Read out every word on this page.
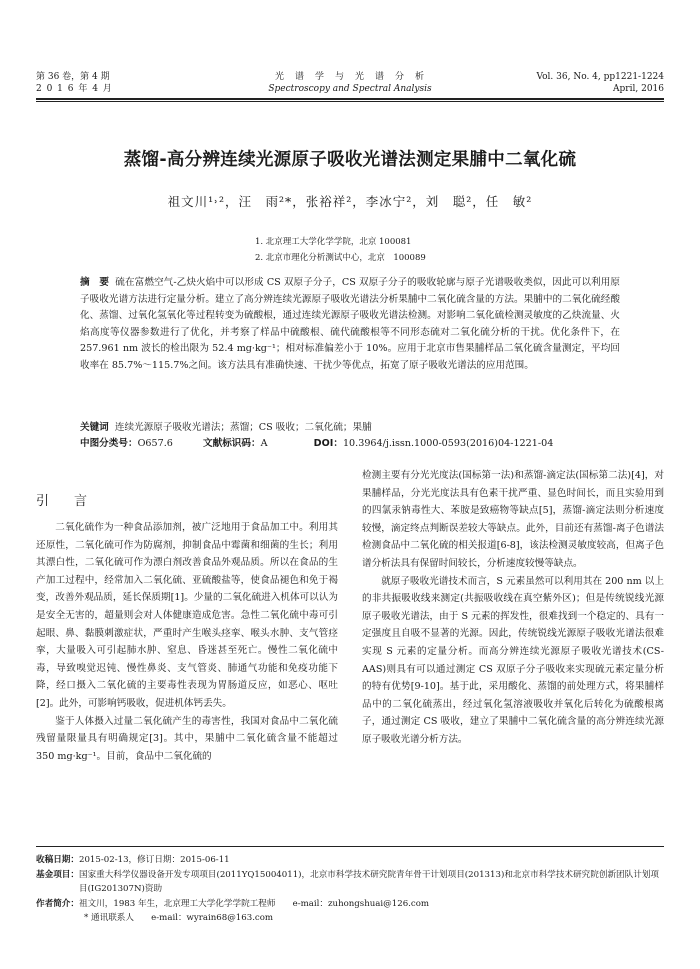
第 36 卷，第 4 期
2 0 1 6 年 4 月
光　谱　学　与　光　谱　分　析
Spectroscopy and Spectral Analysis
Vol. 36, No. 4, pp1221-1224
April, 2016
蒸馏-高分辨连续光源原子吸收光谱法测定果脯中二氧化硫
祖文川¹˒²，汪　雨²*，张裕祥²，李冰宁²，刘　聪²，任　敏²
1. 北京理工大学化学学院，北京 100081
2. 北京市理化分析测试中心，北京　100089
摘　要 硫在富燃空气-乙炔火焰中可以形成 CS 双原子分子，CS 双原子分子的吸收轮廓与原子光谱吸收类似，因此可以利用原子吸收光谱方法进行定量分析。建立了高分辨连续光源原子吸收光谱法分析果脯中二氧化硫含量的方法。果脯中的二氧化硫经酸化、蒸馏、过氧化氢氧化等过程转变为硫酸根，通过连续光源原子吸收光谱法检测。对影响二氧化硫检测灵敏度的乙炔流量、火焰高度等仪器参数进行了优化，并考察了样品中硫酸根、硫代硫酸根等不同形态硫对二氧化硫分析的干扰。优化条件下，在 257.961 nm 波长的检出限为 52.4 mg·kg⁻¹；相对标准偏差小于 10%。应用于北京市售果脯样品二氧化硫含量测定，平均回收率在 85.7%～115.7%之间。该方法具有准确快速、干扰少等优点，拓宽了原子吸收光谱法的应用范围。
关键词 连续光源原子吸收光谱法；蒸馏；CS 吸收；二氧化硫；果脯
中图分类号：O657.6	文献标识码：A	DOI：10.3964/j.issn.1000-0593(2016)04-1221-04
引　言

二氧化硫作为一种食品添加剂，被广泛地用于食品加工中。利用其还原性，二氧化硫可作为防腐剂，抑制食品中霉菌和细菌的生长；利用其漂白性，二氧化硫可作为漂白剂改善食品外观品质。所以在食品的生产加工过程中，经常加入二氧化硫、亚硫酸盐等，使食品褪色和免于褐变，改善外观品质，延长保质期[1]。少量的二氧化硫进入机体可以认为是安全无害的，超量则会对人体健康造成危害。急性二氧化硫中毒可引起眼、鼻、黏膜刺激症状，严重时产生喉头痉挛、喉头水肿、支气管痉挛，大量吸入可引起肺水肿、窒息、昏迷甚至死亡。慢性二氧化硫中毒，导致嗅觉迟钝、慢性鼻炎、支气管炎、肺通气功能和免疫功能下降，经口摄入二氧化硫的主要毒性表现为胃肠道反应，如恶心、呕吐[2]。此外，可影响钙吸收，促进机体钙丢失。

鉴于人体摄入过量二氧化硫产生的毒害性，我国对食品中二氧化硫残留量限量具有明确规定[3]。其中，果脯中二氧化硫含量不能超过 350 mg·kg⁻¹。目前，食品中二氧化硫的

检测主要有分光光度法(国标第一法)和蒸馏-滴定法(国标第二法)[4]，对果脯样品，分光光度法具有色素干扰严重、显色时间长，而且实验用到的四氯汞钠毒性大、苯胺是致癌物等缺点[5]，蒸馏-滴定法则分析速度较慢，滴定终点判断误差较大等缺点。此外，目前还有蒸馏-离子色谱法检测食品中二氧化硫的相关报道[6-8]，该法检测灵敏度较高，但离子色谱分析法具有保留时间较长，分析速度较慢等缺点。

就原子吸收光谱技术而言，S 元素虽然可以利用其在 200 nm 以上的非共振吸收线来测定(共振吸收线在真空紫外区)；但是传统锐线光源原子吸收光谱法，由于 S 元素的挥发性，很难找到一个稳定的、具有一定强度且自吸不显著的光源。因此，传统锐线光源原子吸收光谱法很难实现 S 元素的定量分析。而高分辨连续光源原子吸收光谱技术(CS-AAS)则具有可以通过测定 CS 双原子分子吸收来实现硫元素定量分析的特有优势[9-10]。基于此，采用酸化、蒸馏的前处理方式，将果脯样品中的二氧化硫蒸出，经过氧化氢溶液吸收并氧化后转化为硫酸根离子，通过测定 CS 吸收，建立了果脯中二氧化硫含量的高分辨连续光源原子吸收光谱分析方法。

收稿日期： 2015-02-13，修订日期：2015-06-11
基金项目： 国家重大科学仪器设备开发专项项目(2011YQ15004011)，北京市科学技术研究院青年骨干计划项目(201313)和北京市科学技术研究院创新团队计划项目(IG201307N)资助
作者简介： 祖文川，1983 年生，北京理工大学化学学院工程师　　e-mail：zuhongshuai@126.com
* 通讯联系人　　e-mail：wyrain68@163.com
